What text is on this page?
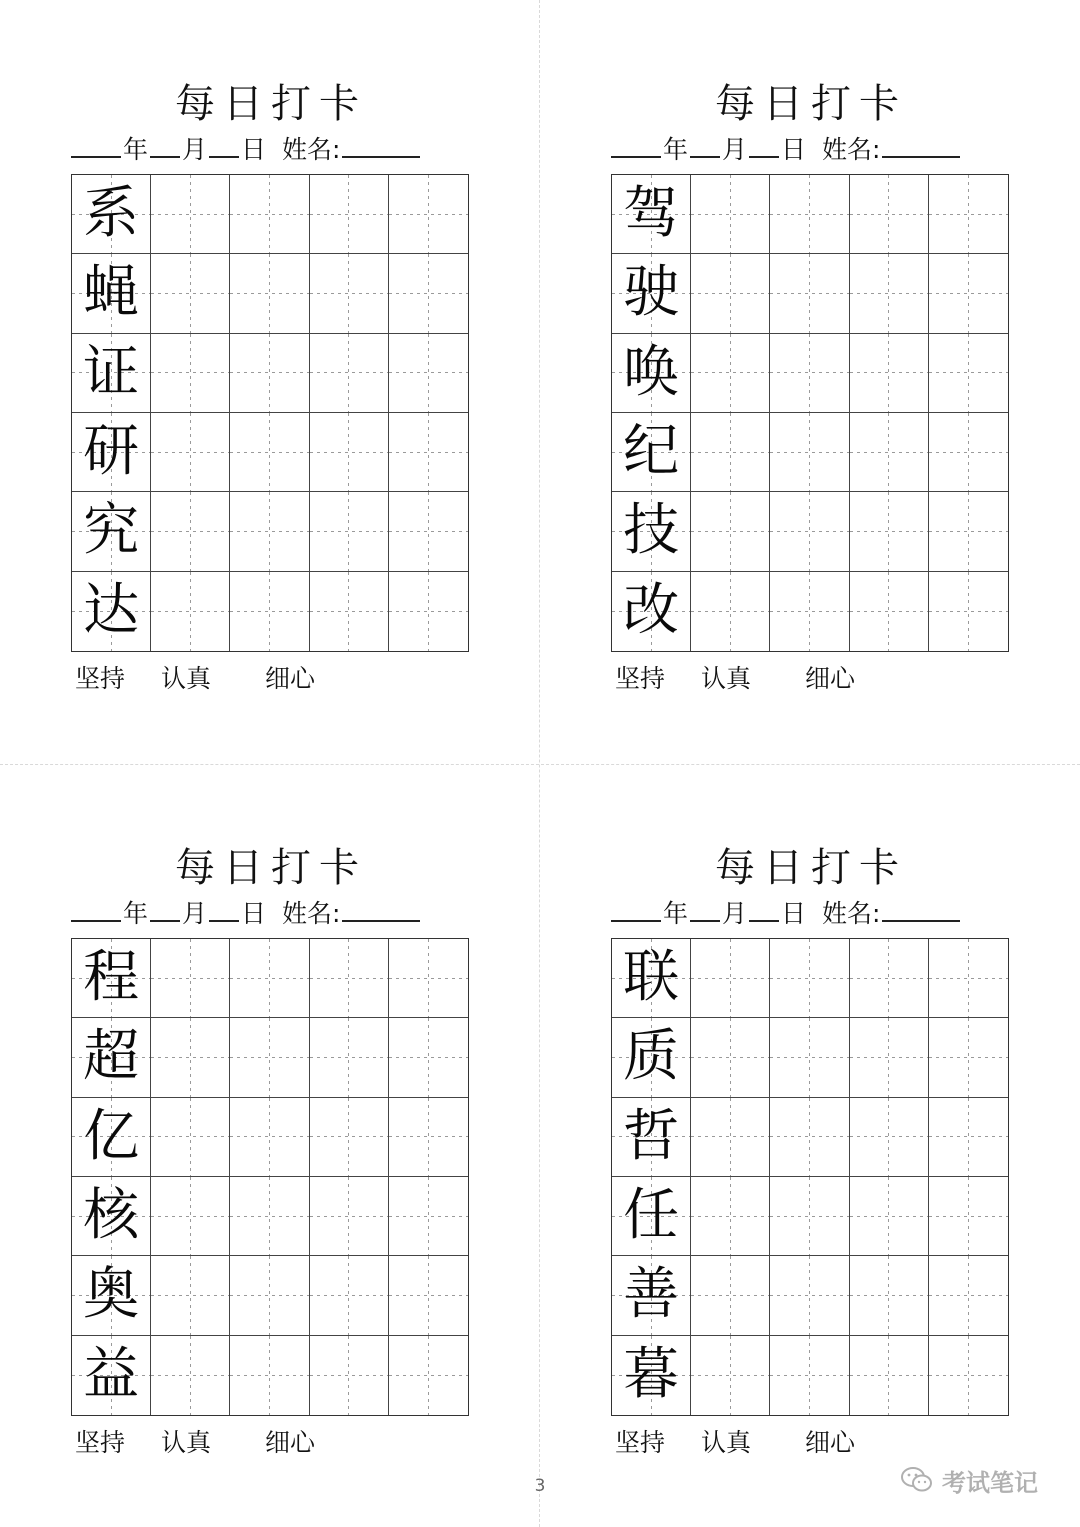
每日打卡
年 月 日 姓名:
系
蝇
证
研
究
达
坚持 认真 细心
每日打卡
年 月 日 姓名:
驾
驶
唤
纪
技
改
坚持 认真 细心
每日打卡
年 月 日 姓名:
程
超
亿
核
奥
益
坚持 认真 细心
每日打卡
年 月 日 姓名:
联
质
哲
任
善
暮
坚持 认真 细心
3	考试笔记
